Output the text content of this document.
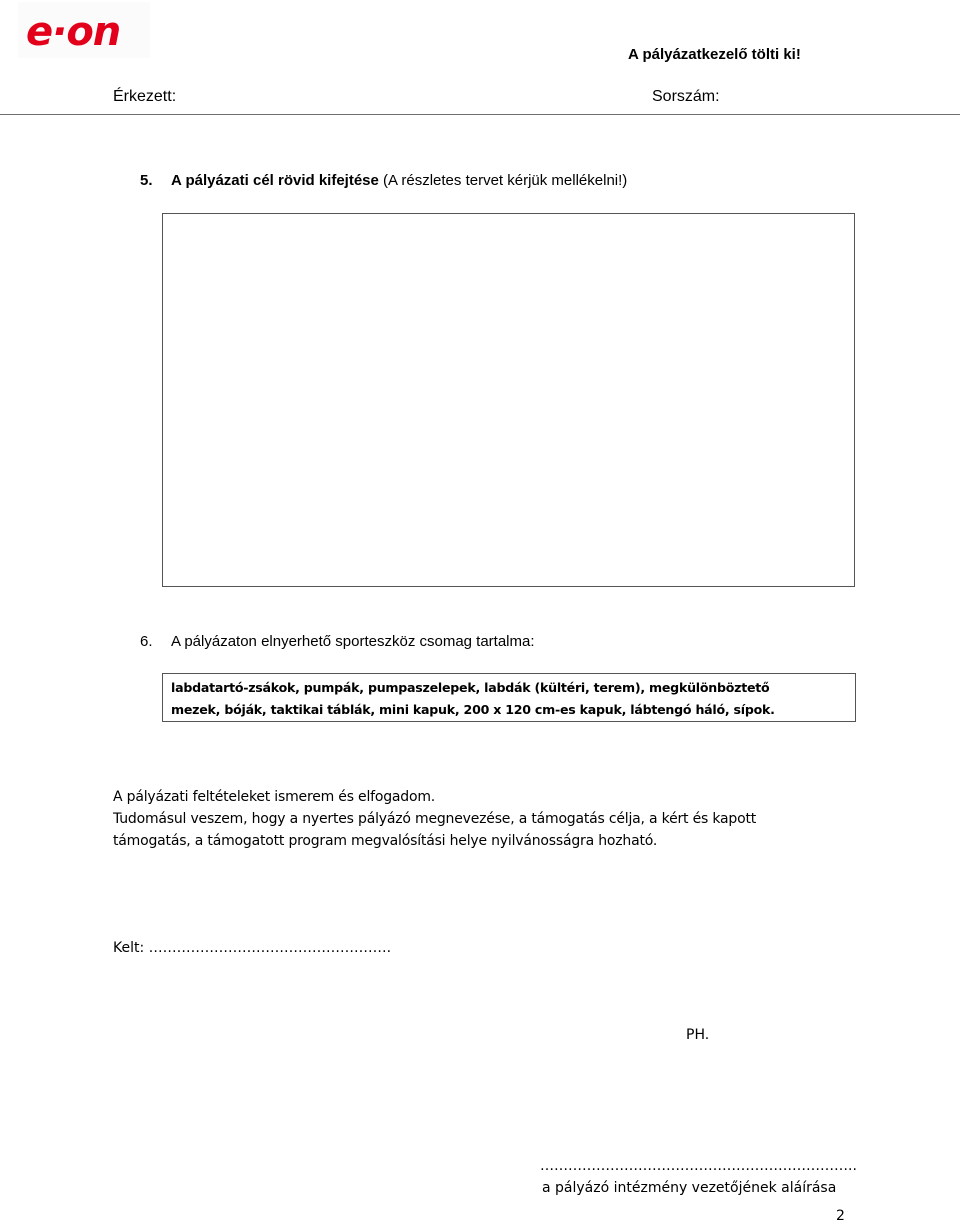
e·on	A pályázatkezelő tölti ki!
Érkezett:	Sorszám:
5. A pályázati cél rövid kifejtése (A részletes tervet kérjük mellékelni!)
6. A pályázaton elnyerhető sporteszköz csomag tartalma:
labdatartó-zsákok, pumpák, pumpaszelepek, labdák (kültéri, terem), megkülönböztető
mezek, bóják, taktikai táblák, mini kapuk, 200 x 120 cm-es kapuk, lábtengó háló, sípok.

A pályázati feltételeket ismerem és elfogadom.

Tudomásul veszem, hogy a nyertes pályázó megnevezése, a támogatás célja, a kért és kapott

támogatás, a támogatott program megvalósítási helye nyilvánosságra hozható.

Kelt: …………………………………………….
PH.
…………………………………………………………..
a pályázó intézmény vezetőjének aláírása
2
